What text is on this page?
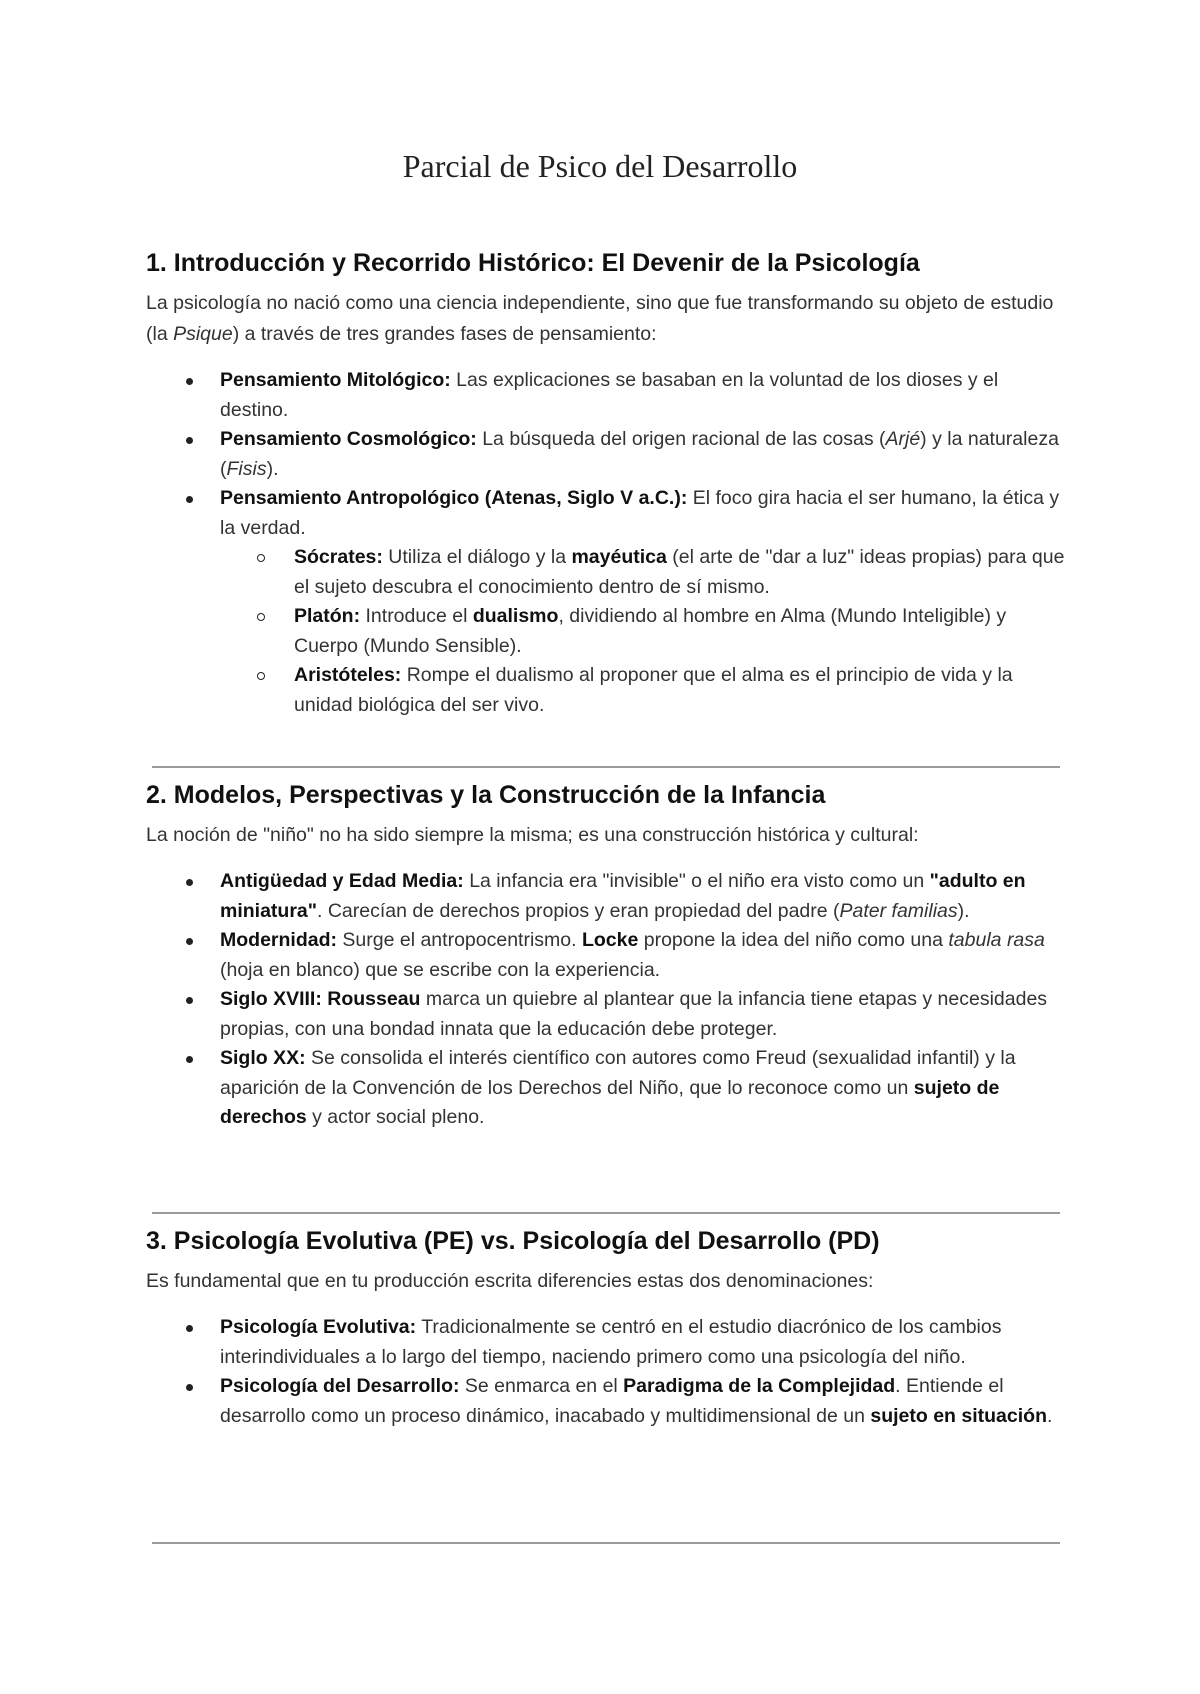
Parcial de Psico del Desarrollo
1. Introducción y Recorrido Histórico: El Devenir de la Psicología

La psicología no nació como una ciencia independiente, sino que fue transformando su objeto de estudio (la Psique) a través de tres grandes fases de pensamiento:

Pensamiento Mitológico: Las explicaciones se basaban en la voluntad de los dioses y el destino.
Pensamiento Cosmológico: La búsqueda del origen racional de las cosas (Arjé) y la naturaleza (Fisis).
Pensamiento Antropológico (Atenas, Siglo V a.C.): El foco gira hacia el ser humano, la ética y la verdad.
Sócrates: Utiliza el diálogo y la mayéutica (el arte de "dar a luz" ideas propias) para que el sujeto descubra el conocimiento dentro de sí mismo.
Platón: Introduce el dualismo, dividiendo al hombre en Alma (Mundo Inteligible) y Cuerpo (Mundo Sensible).
Aristóteles: Rompe el dualismo al proponer que el alma es el principio de vida y la unidad biológica del ser vivo.
2. Modelos, Perspectivas y la Construcción de la Infancia

La noción de "niño" no ha sido siempre la misma; es una construcción histórica y cultural:

Antigüedad y Edad Media: La infancia era "invisible" o el niño era visto como un "adulto en miniatura". Carecían de derechos propios y eran propiedad del padre (Pater familias).
Modernidad: Surge el antropocentrismo. Locke propone la idea del niño como una tabula rasa (hoja en blanco) que se escribe con la experiencia.
Siglo XVIII: Rousseau marca un quiebre al plantear que la infancia tiene etapas y necesidades propias, con una bondad innata que la educación debe proteger.
Siglo XX: Se consolida el interés científico con autores como Freud (sexualidad infantil) y la aparición de la Convención de los Derechos del Niño, que lo reconoce como un sujeto de derechos y actor social pleno.
3. Psicología Evolutiva (PE) vs. Psicología del Desarrollo (PD)

Es fundamental que en tu producción escrita diferencies estas dos denominaciones:

Psicología Evolutiva: Tradicionalmente se centró en el estudio diacrónico de los cambios interindividuales a lo largo del tiempo, naciendo primero como una psicología del niño.
Psicología del Desarrollo: Se enmarca en el Paradigma de la Complejidad. Entiende el desarrollo como un proceso dinámico, inacabado y multidimensional de un sujeto en situación.
